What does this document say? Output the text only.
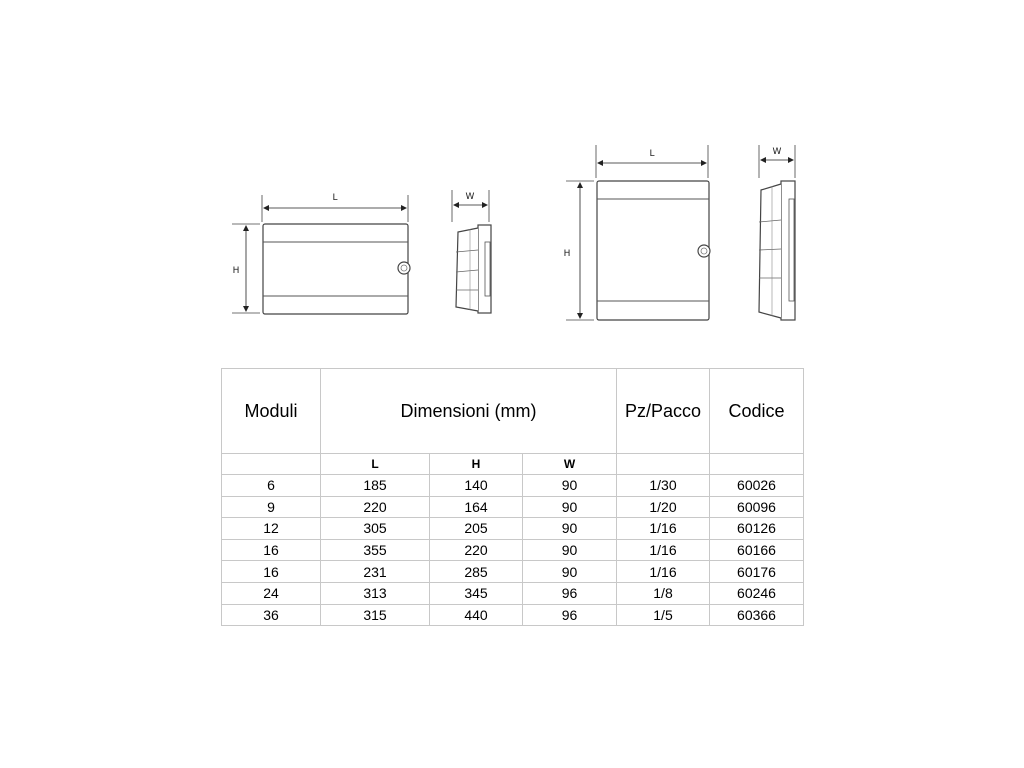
L
H
W
L
H
W
Moduli	Dimensioni (mm)			Pz/Pacco	Codice
	L	H	W		
6	185	140	90	1/30	60026
9	220	164	90	1/20	60096
12	305	205	90	1/16	60126
16	355	220	90	1/16	60166
16	231	285	90	1/16	60176
24	313	345	96	1/8	60246
36	315	440	96	1/5	60366
